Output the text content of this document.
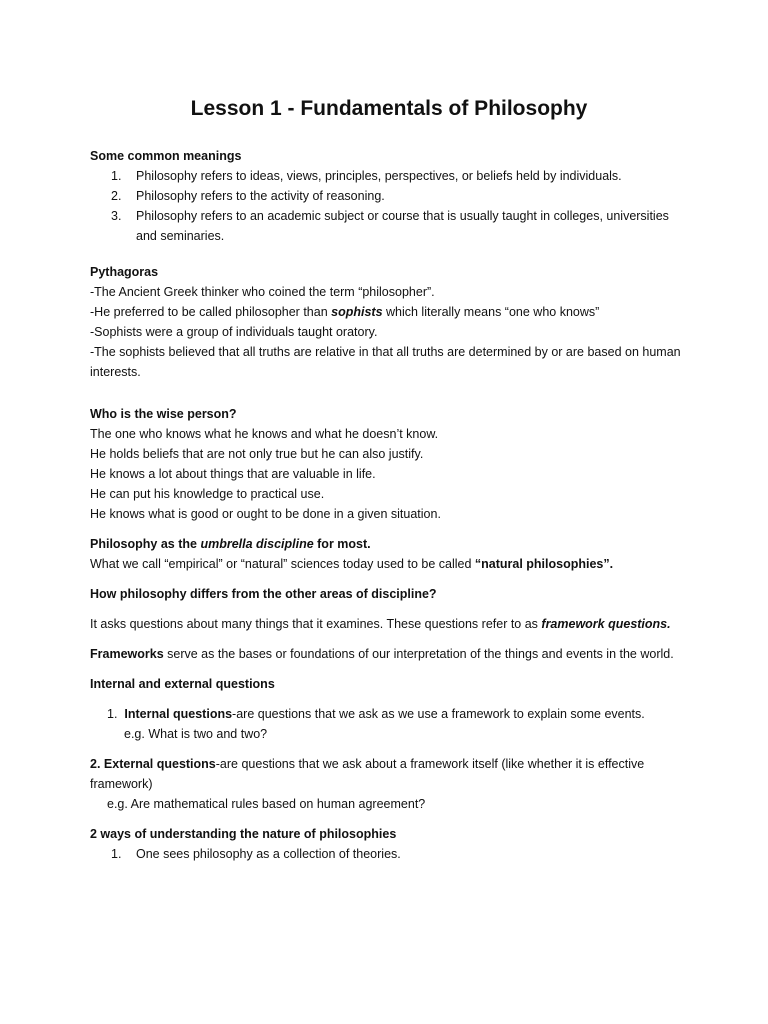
Lesson 1 - Fundamentals of Philosophy

Some common meanings

1. Philosophy refers to ideas, views, principles, perspectives, or beliefs held by individuals.
2. Philosophy refers to the activity of reasoning.
3. Philosophy refers to an academic subject or course that is usually taught in colleges, universities and seminaries.

Pythagoras

-The Ancient Greek thinker who coined the term “philosopher”.

-He preferred to be called philosopher than sophists which literally means “one who knows”

-Sophists were a group of individuals taught oratory.

-The sophists believed that all truths are relative in that all truths are determined by or are based on human interests.

Who is the wise person?

The one who knows what he knows and what he doesn’t know.

He holds beliefs that are not only true but he can also justify.

He knows a lot about things that are valuable in life.

He can put his knowledge to practical use.

He knows what is good or ought to be done in a given situation.

Philosophy as the umbrella discipline for most.

What we call “empirical” or “natural” sciences today used to be called “natural philosophies”.

How philosophy differs from the other areas of discipline?

It asks questions about many things that it examines. These questions refer to as framework questions.

Frameworks serve as the bases or foundations of our interpretation of the things and events in the world.

Internal and external questions

1. Internal questions-are questions that we ask as we use a framework to explain some events.

e.g. What is two and two?

2. External questions-are questions that we ask about a framework itself (like whether it is effective framework)

e.g. Are mathematical rules based on human agreement?

2 ways of understanding the nature of philosophies

1. One sees philosophy as a collection of theories.
